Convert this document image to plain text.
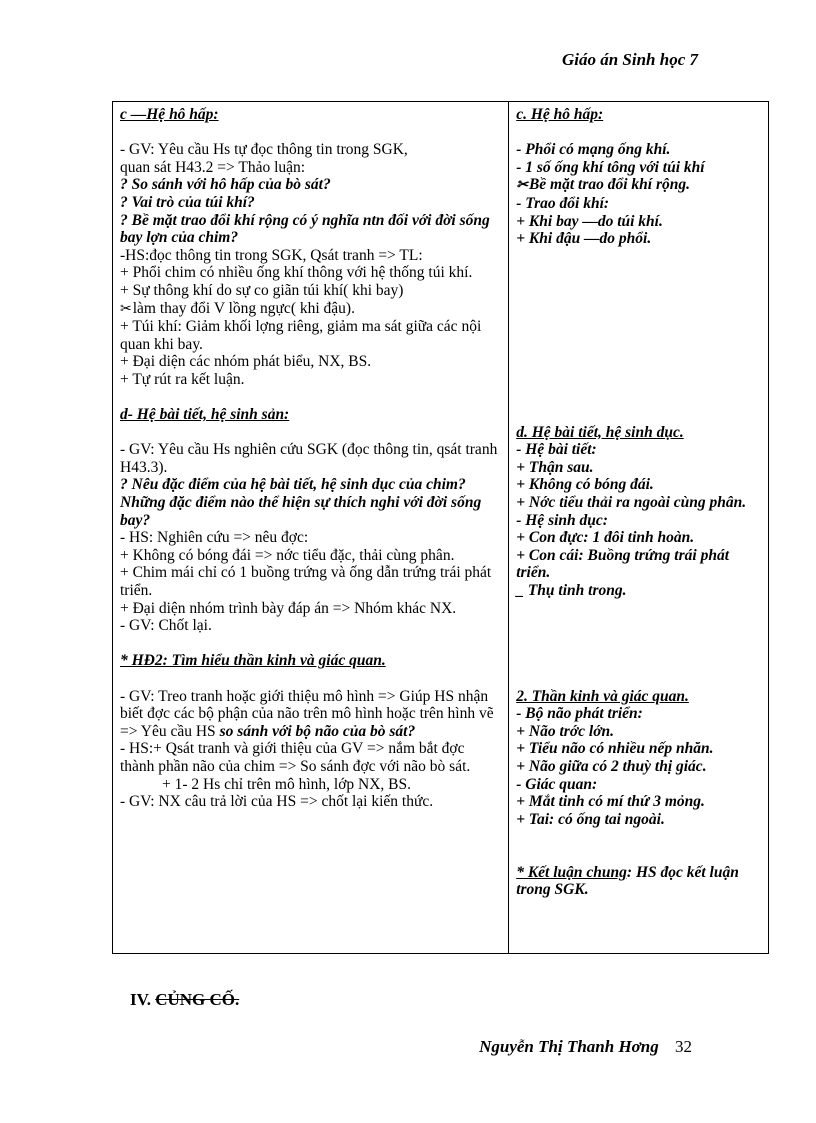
Giáo án Sinh học 7
c —Hệ hô hấp:
- GV: Yêu cầu Hs tự đọc thông tin trong SGK,
quan sát H43.2 => Thảo luận:
? So sánh với hô hấp của bò sát?
? Vai trò của túi khí?
? Bề mặt trao đổi khí rộng có ý nghĩa ntn đối với đời sống bay lợn của chim?
-HS:đọc thông tin trong SGK, Qsát tranh => TL:
+ Phổi chim có nhiều ống khí thông với hệ thống túi khí.
+ Sự thông khí do sự co giãn túi khí( khi bay)
✂làm thay đổi V lồng ngực( khi đậu).
+ Túi khí: Giảm khối lợng riêng, giảm ma sát giữa các nội quan khi bay.
+ Đại diện các nhóm phát biểu, NX, BS.
+ Tự rút ra kết luận.
d- Hệ bài tiết, hệ sinh sản:
- GV: Yêu cầu Hs nghiên cứu SGK (đọc thông tin, qsát tranh H43.3).
? Nêu đặc điểm của hệ bài tiết, hệ sinh dục của chim?
Những đặc điểm nào thể hiện sự thích nghi với đời sống bay?
- HS: Nghiên cứu => nêu đợc:
+ Không có bóng đái => nớc tiểu đặc, thải cùng phân.
+ Chim mái chỉ có 1 buồng trứng và ống dẫn trứng trái phát triển.
+ Đại diện nhóm trình bày đáp án => Nhóm khác NX.
- GV: Chốt lại.
* HĐ2: Tìm hiểu thần kinh và giác quan.
- GV: Treo tranh hoặc giới thiệu mô hình => Giúp HS nhận biết đợc các bộ phận của não trên mô hình hoặc trên hình vẽ => Yêu cầu HS so sánh với bộ não của bò sát?
- HS:+ Qsát tranh và giới thiệu của GV => nắm bắt đợc thành phần não của chim => So sánh đợc với não bò sát.
+ 1- 2 Hs chỉ trên mô hình, lớp NX, BS.
- GV: NX câu trả lời của HS => chốt lại kiến thức.

c. Hệ hô hấp:
- Phổi có mạng ống khí.
- 1 số ống khí tông với túi khí
✂Bề mặt trao đổi khí rộng.
- Trao đổi khí:
+ Khi bay —do túi khí.
+ Khi đậu —do phổi.
d. Hệ bài tiết, hệ sinh dục.
- Hệ bài tiết:
+ Thận sau.
+ Không có bóng đái.
+ Nớc tiểu thải ra ngoài cùng phân.
- Hệ sinh dục:
+ Con đực: 1 đôi tinh hoàn.
+ Con cái: Buồng trứng trái phát triển.
_ Thụ tinh trong.
2. Thần kinh và giác quan.
- Bộ não phát triển:
+ Não trớc lớn.
+ Tiểu não có nhiều nếp nhăn.
+ Não giữa có 2 thuỳ thị giác.
- Giác quan:
+ Mắt tinh có mí thứ 3 mỏng.
+ Tai: có ống tai ngoài.
* Kết luận chung: HS đọc kết luận trong SGK.
IV. CỦNG CỐ.
Nguyễn Thị Thanh Hơng 32
